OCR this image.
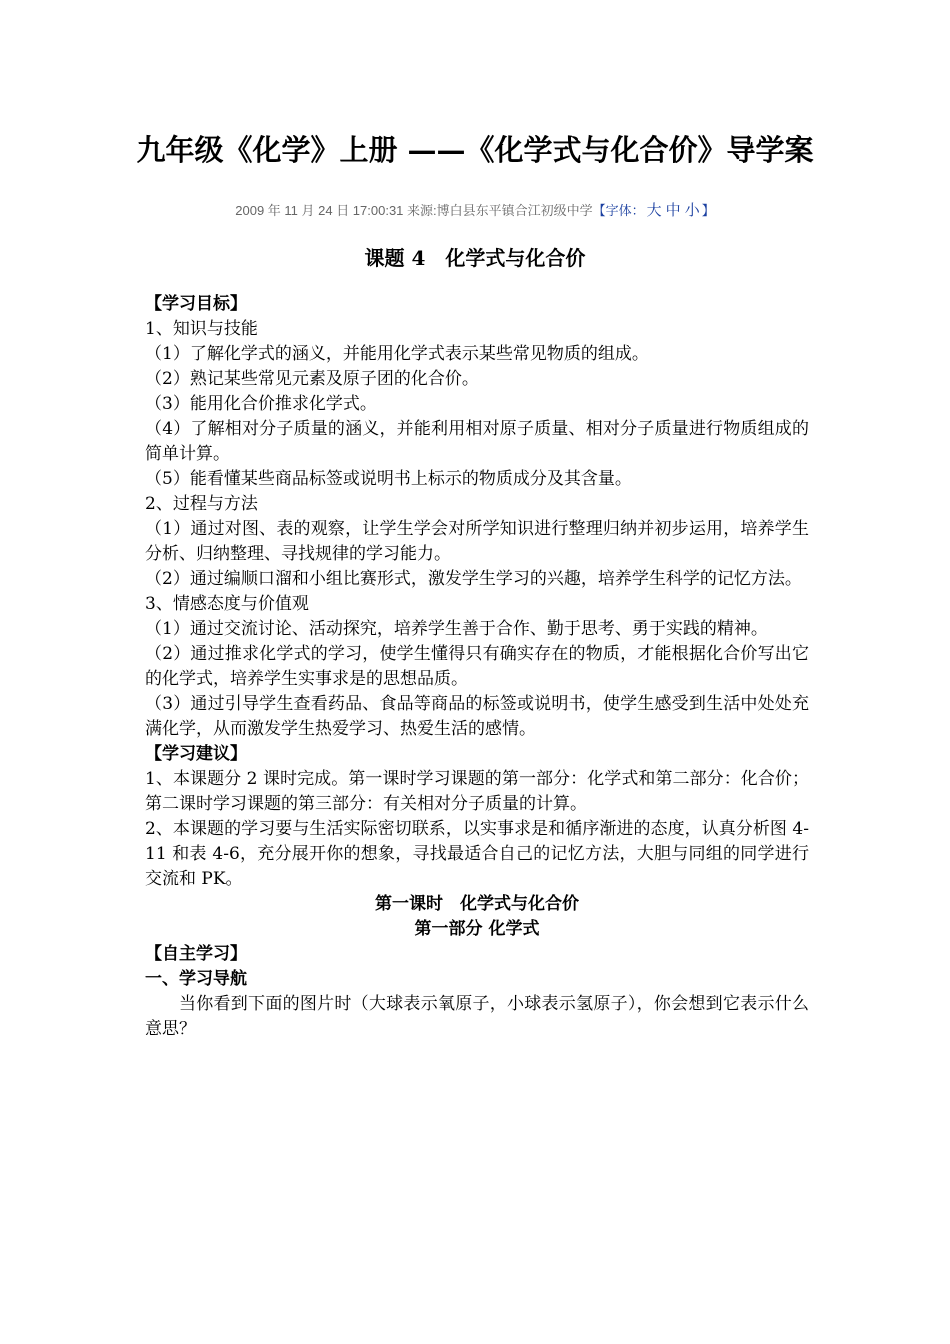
九年级《化学》上册 ——《化学式与化合价》导学案
2009 年 11 月 24 日 17:00:31 来源:博白县东平镇合江初级中学【字体： 大 中 小 】
课题 4　化学式与化合价

【学习目标】

1、知识与技能

（1）了解化学式的涵义，并能用化学式表示某些常见物质的组成。

（2）熟记某些常见元素及原子团的化合价。

（3）能用化合价推求化学式。

（4）了解相对分子质量的涵义，并能利用相对原子质量、相对分子质量进行物质组成的简单计算。

（5）能看懂某些商品标签或说明书上标示的物质成分及其含量。

2、过程与方法

（1）通过对图、表的观察，让学生学会对所学知识进行整理归纳并初步运用，培养学生分析、归纳整理、寻找规律的学习能力。

（2）通过编顺口溜和小组比赛形式，激发学生学习的兴趣，培养学生科学的记忆方法。

3、情感态度与价值观

（1）通过交流讨论、活动探究，培养学生善于合作、勤于思考、勇于实践的精神。

（2）通过推求化学式的学习，使学生懂得只有确实存在的物质，才能根据化合价写出它的化学式，培养学生实事求是的思想品质。

（3）通过引导学生查看药品、食品等商品的标签或说明书，使学生感受到生活中处处充满化学，从而激发学生热爱学习、热爱生活的感情。

【学习建议】

1、本课题分 2 课时完成。第一课时学习课题的第一部分：化学式和第二部分：化合价；第二课时学习课题的第三部分：有关相对分子质量的计算。

2、本课题的学习要与生活实际密切联系，以实事求是和循序渐进的态度，认真分析图 4-11 和表 4-6，充分展开你的想象，寻找最适合自己的记忆方法，大胆与同组的同学进行交流和 PK。

第一课时　化学式与化合价

第一部分 化学式

【自主学习】

一、学习导航

当你看到下面的图片时（大球表示氧原子，小球表示氢原子），你会想到它表示什么意思？
